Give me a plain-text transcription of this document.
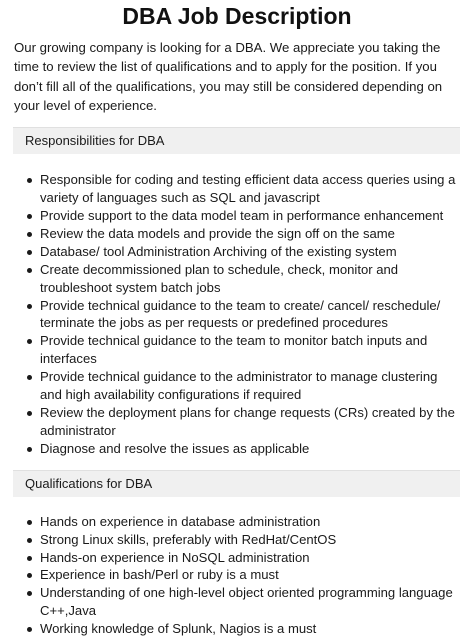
DBA Job Description

Our growing company is looking for a DBA. We appreciate you taking the time to review the list of qualifications and to apply for the position. If you don’t fill all of the qualifications, you may still be considered depending on your level of experience.

Responsibilities for DBA
Responsible for coding and testing efficient data access queries using a variety of languages such as SQL and javascript
Provide support to the data model team in performance enhancement
Review the data models and provide the sign off on the same
Database/ tool Administration Archiving of the existing system
Create decommissioned plan to schedule, check, monitor and troubleshoot system batch jobs
Provide technical guidance to the team to create/ cancel/ reschedule/ terminate the jobs as per requests or predefined procedures
Provide technical guidance to the team to monitor batch inputs and interfaces
Provide technical guidance to the administrator to manage clustering and high availability configurations if required
Review the deployment plans for change requests (CRs) created by the administrator
Diagnose and resolve the issues as applicable
Qualifications for DBA
Hands on experience in database administration
Strong Linux skills, preferably with RedHat/CentOS
Hands-on experience in NoSQL administration
Experience in bash/Perl or ruby is a must
Understanding of one high-level object oriented programming language C++,Java
Working knowledge of Splunk, Nagios is a must
